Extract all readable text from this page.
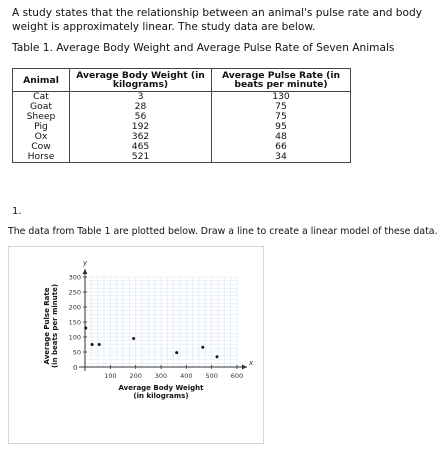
A study states that the relationship between an animal's pulse rate and body weight is approximately linear. The study data are below.
Table 1. Average Body Weight and Average Pulse Rate of Seven Animals
Animal	Average Body Weight (in kilograms)	Average Pulse Rate (in beats per minute)
Cat	3	130
Goat	28	75
Sheep	56	75
Pig	192	95
Ox	362	48
Cow	465	66
Horse	521	34
1.
The data from Table 1 are plotted below. Draw a line to create a linear model of these data.
100 200 300 400 500 600
50
100
150
200
250
300
x
y
0
Average Body Weight (in kilograms)
Average Pulse Rate(in beats per minute)
